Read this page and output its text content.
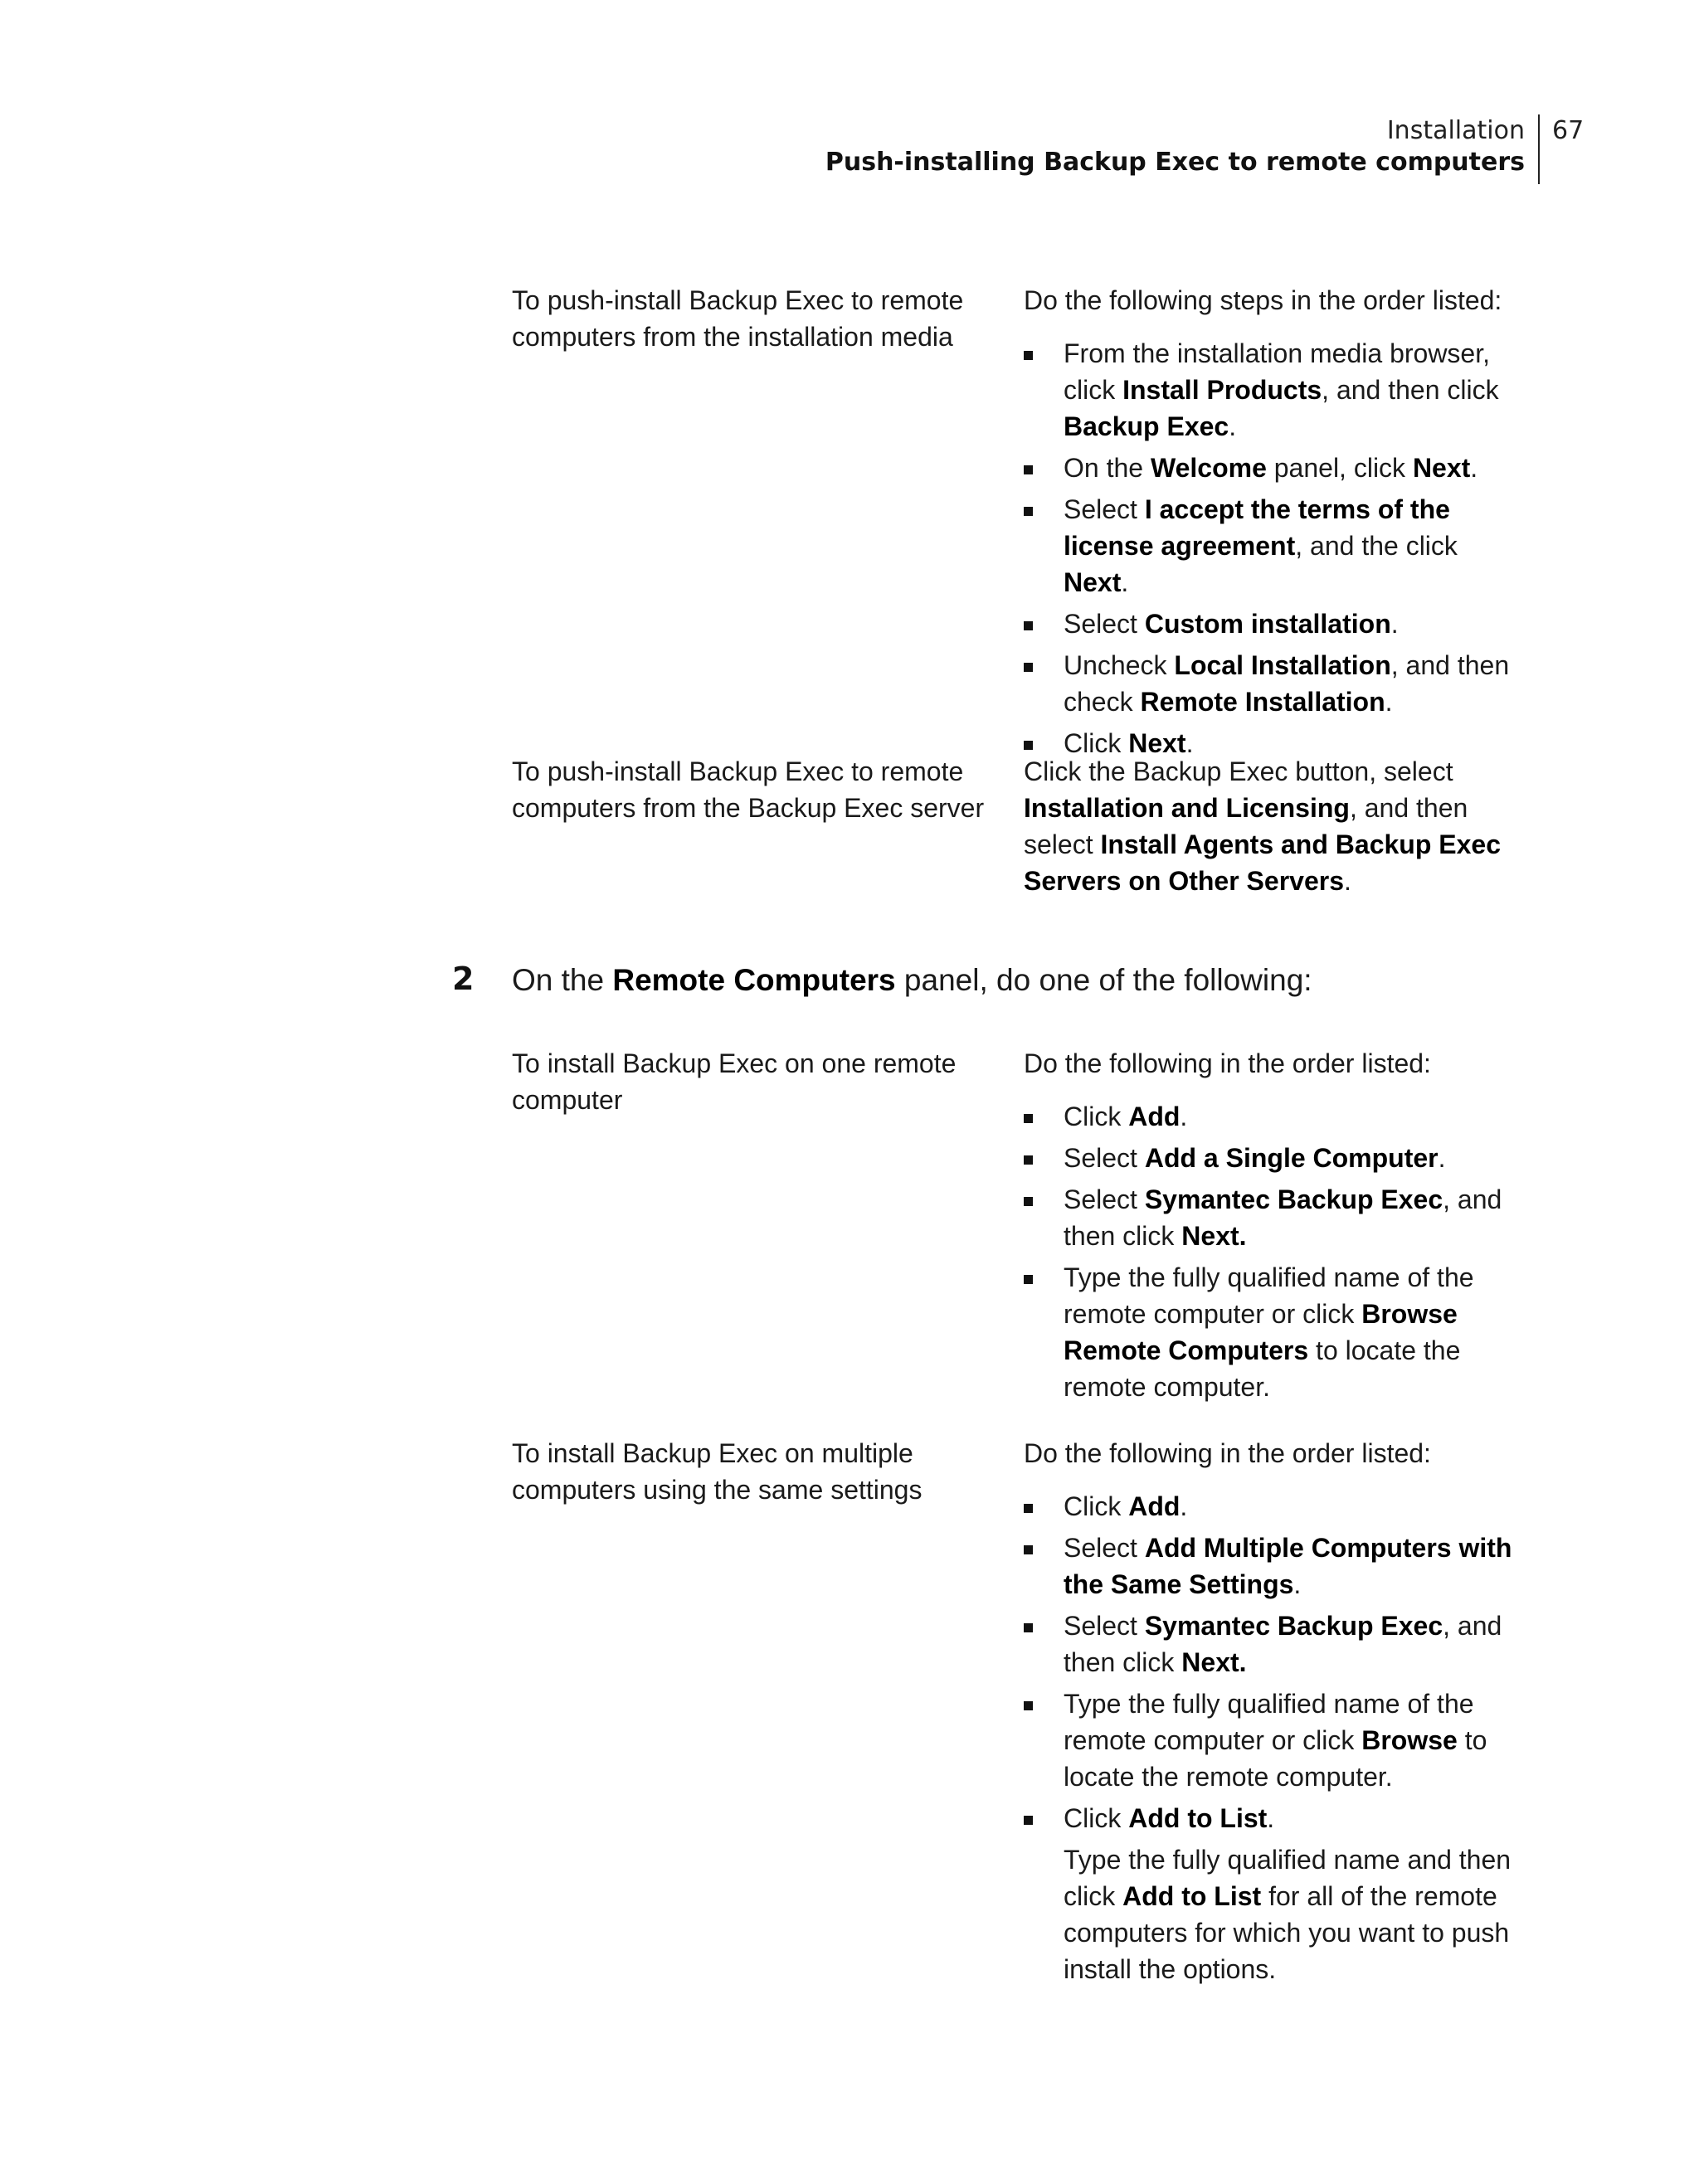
Installation
Push-installing Backup Exec to remote computers
67
To push-install Backup Exec to remote computers from the installation media

Do the following steps in the order listed:

From the installation media browser, click Install Products, and then click Backup Exec.
On the Welcome panel, click Next.
Select I accept the terms of the license agreement, and the click Next.
Select Custom installation.
Uncheck Local Installation, and then check Remote Installation.
Click Next.
To push-install Backup Exec to remote computers from the Backup Exec server

Click the Backup Exec button, select Installation and Licensing, and then select Install Agents and Backup Exec Servers on Other Servers.

2 On the Remote Computers panel, do one of the following:
To install Backup Exec on one remote computer

Do the following in the order listed:

Click Add.
Select Add a Single Computer.
Select Symantec Backup Exec, and then click Next.
Type the fully qualified name of the remote computer or click Browse Remote Computers to locate the remote computer.
To install Backup Exec on multiple computers using the same settings

Do the following in the order listed:

Click Add.
Select Add Multiple Computers with the Same Settings.
Select Symantec Backup Exec, and then click Next.
Type the fully qualified name of the remote computer or click Browse to locate the remote computer.
Click Add to List.
Type the fully qualified name and then click Add to List for all of the remote computers for which you want to push install the options.
